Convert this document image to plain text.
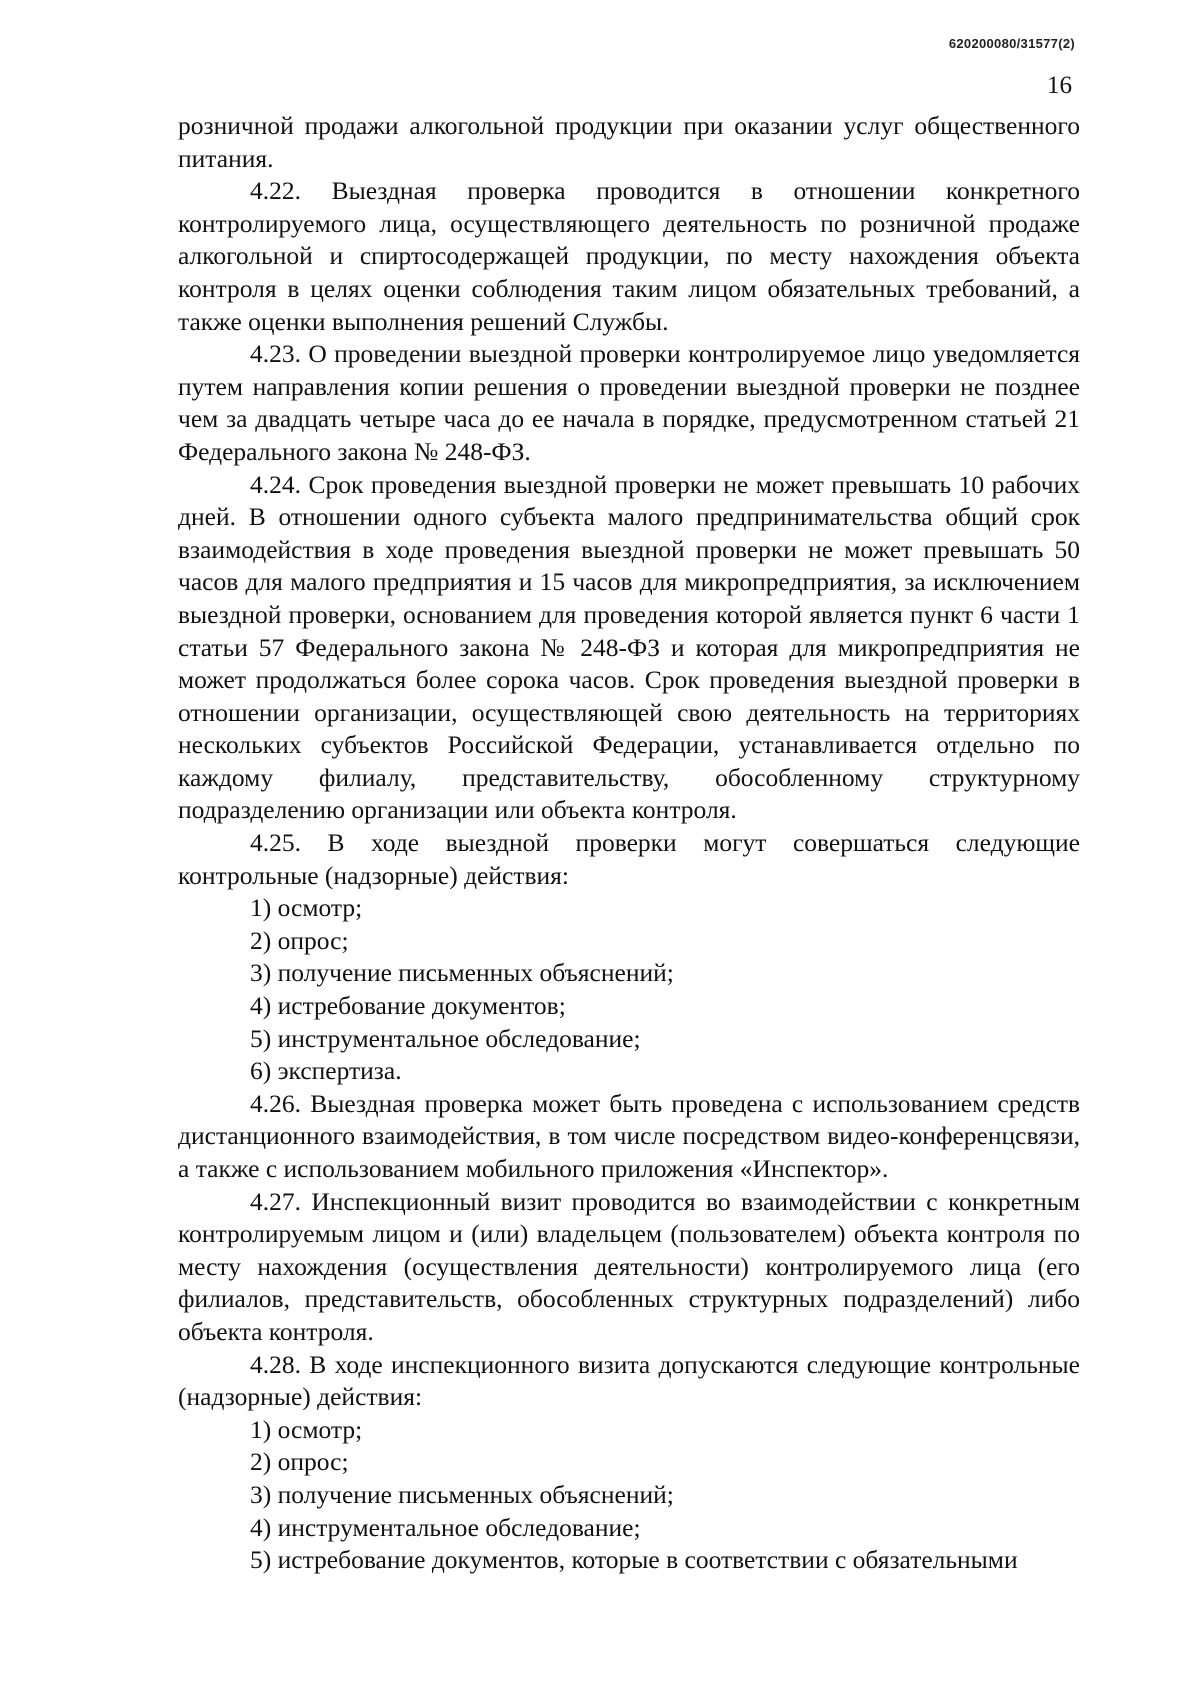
620200080/31577(2)
16

розничной продажи алкогольной продукции при оказании услуг общественного питания.

4.22. Выездная проверка проводится в отношении конкретного контролируемого лица, осуществляющего деятельность по розничной продаже алкогольной и спиртосодержащей продукции, по месту нахождения объекта контроля в целях оценки соблюдения таким лицом обязательных требований, а также оценки выполнения решений Службы.

4.23. О проведении выездной проверки контролируемое лицо уведомляется путем направления копии решения о проведении выездной проверки не позднее чем за двадцать четыре часа до ее начала в порядке, предусмотренном статьей 21 Федерального закона № 248-ФЗ.

4.24. Срок проведения выездной проверки не может превышать 10 рабочих дней. В отношении одного субъекта малого предпринимательства общий срок взаимодействия в ходе проведения выездной проверки не может превышать 50 часов для малого предприятия и 15 часов для микропредприятия, за исключением выездной проверки, основанием для проведения которой является пункт 6 части 1 статьи 57 Федерального закона № 248-ФЗ и которая для микропредприятия не может продолжаться более сорока часов. Срок проведения выездной проверки в отношении организации, осуществляющей свою деятельность на территориях нескольких субъектов Российской Федерации, устанавливается отдельно по каждому филиалу, представительству, обособленному структурному подразделению организации или объекта контроля.

4.25. В ходе выездной проверки могут совершаться следующие контрольные (надзорные) действия:

1) осмотр;

2) опрос;

3) получение письменных объяснений;

4) истребование документов;

5) инструментальное обследование;

6) экспертиза.

4.26. Выездная проверка может быть проведена с использованием средств дистанционного взаимодействия, в том числе посредством видео-конференцсвязи, а также с использованием мобильного приложения «Инспектор».

4.27. Инспекционный визит проводится во взаимодействии с конкретным контролируемым лицом и (или) владельцем (пользователем) объекта контроля по месту нахождения (осуществления деятельности) контролируемого лица (его филиалов, представительств, обособленных структурных подразделений) либо объекта контроля.

4.28. В ходе инспекционного визита допускаются следующие контрольные (надзорные) действия:

1) осмотр;

2) опрос;

3) получение письменных объяснений;

4) инструментальное обследование;

5) истребование документов, которые в соответствии с обязательными
